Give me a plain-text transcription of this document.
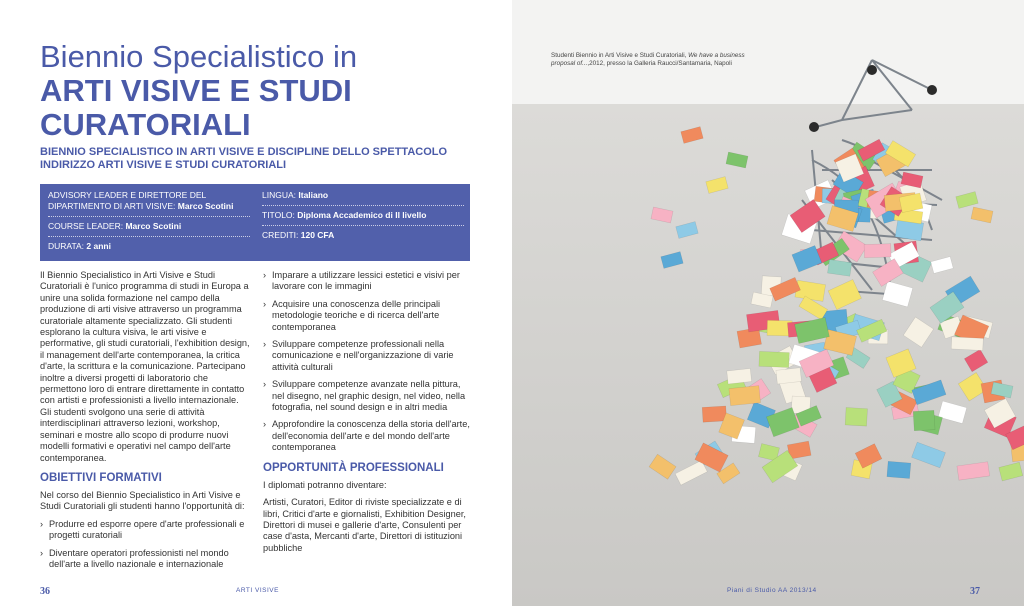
Biennio Specialistico in
ARTI VISIVE E STUDI CURATORIALI
BIENNIO SPECIALISTICO IN ARTI VISIVE E DISCIPLINE DELLO SPETTACOLO INDIRIZZO ARTI VISIVE E STUDI CURATORIALI
ADVISORY LEADER E DIRETTORE DEL DIPARTIMENTO DI ARTI VISIVE: Marco Scotini
COURSE LEADER: Marco Scotini
DURATA: 2 anni
LINGUA: Italiano
TITOLO: Diploma Accademico di II livello
CREDITI: 120 CFA

Il Biennio Specialistico in Arti Visive e Studi Curatoriali è l'unico programma di studi in Europa a unire una solida formazione nel campo della produzione di arti visive attraverso un programma curatoriale altamente specializzato. Gli studenti esplorano la cultura visiva, le arti visive e performative, gli studi curatoriali, l'exhibition design, il management dell'arte contemporanea, la critica d'arte, la scrittura e la comunicazione. Partecipano inoltre a diversi progetti di laboratorio che permettono loro di entrare direttamente in contatto con artisti e professionisti a livello internazionale. Gli studenti svolgono una serie di attività interdisciplinari attraverso lezioni, workshop, seminari e mostre allo scopo di produrre nuovi modelli formativi e operativi nel campo dell'arte contemporanea.

OBIETTIVI FORMATIVI

Nel corso del Biennio Specialistico in Arti Visive e Studi Curatoriali gli studenti hanno l'opportunità di:

› Produrre ed esporre opere d'arte professionali e progetti curatoriali
› Diventare operatori professionisti nel mondo dell'arte a livello nazionale e internazionale
› Imparare a utilizzare lessici estetici e visivi per lavorare con le immagini
› Acquisire una conoscenza delle principali metodologie teoriche e di ricerca dell'arte contemporanea
› Sviluppare competenze professionali nella comunicazione e nell'organizzazione di varie attività culturali
› Sviluppare competenze avanzate nella pittura, nel disegno, nel graphic design, nel video, nella fotografia, nel sound design e in altri media
› Approfondire la conoscenza della storia dell'arte, dell'economia dell'arte e del mondo dell'arte contemporanea
OPPORTUNITÀ PROFESSIONALI

I diplomati potranno diventare:

Artisti, Curatori, Editor di riviste specializzate e di libri, Critici d'arte e giornalisti, Exhibition Designer, Direttori di musei e gallerie d'arte, Consulenti per case d'asta, Mercanti d'arte, Direttori di istituzioni pubbliche

36	ARTI VISIVE
Studenti Biennio in Arti Visive e Studi Curatoriali, We have a business proposal of...,2012, presso la Galleria Raucci/Santamaria, Napoli
Piani di Studio AA 2013/14	37
